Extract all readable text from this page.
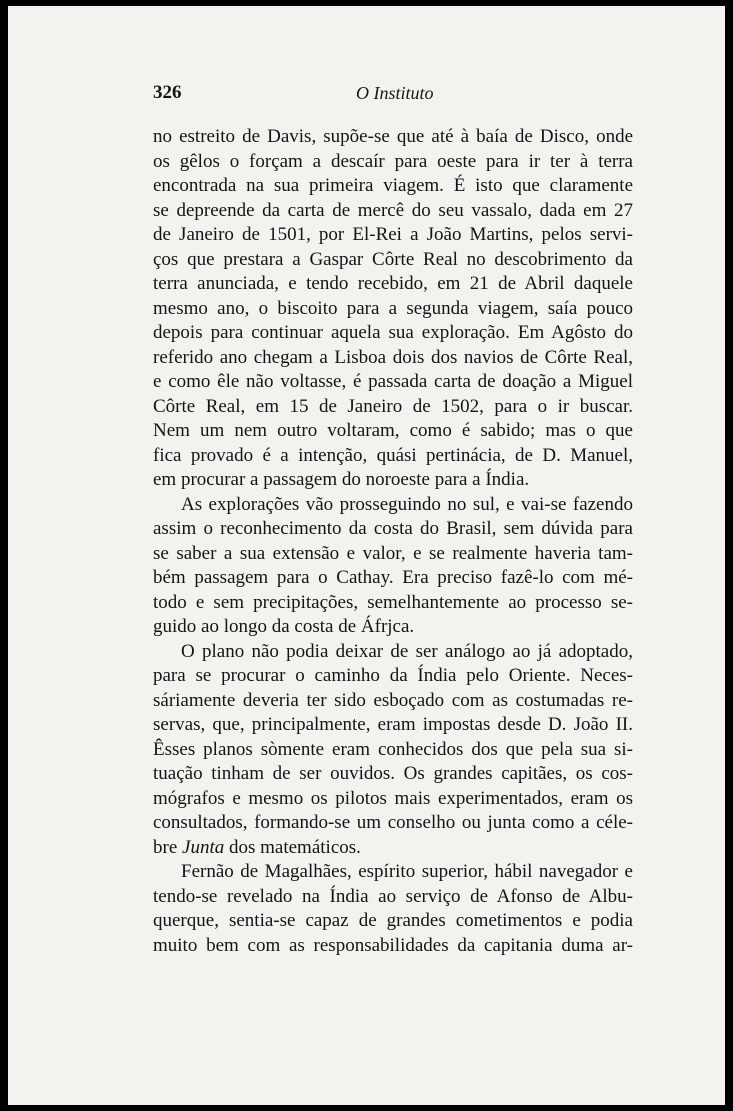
326	O Instituto
no estreito de Davis, supõe-se que até à baía de Disco, onde
os gêlos o forçam a descaír para oeste para ir ter à terra
encontrada na sua primeira viagem. É isto que claramente
se depreende da carta de mercê do seu vassalo, dada em 27
de Janeiro de 1501, por El-Rei a João Martins, pelos servi-
ços que prestara a Gaspar Côrte Real no descobrimento da
terra anunciada, e tendo recebido, em 21 de Abril daquele
mesmo ano, o biscoito para a segunda viagem, saía pouco
depois para continuar aquela sua exploração. Em Agôsto do
referido ano chegam a Lisboa dois dos navios de Côrte Real,
e como êle não voltasse, é passada carta de doação a Miguel
Côrte Real, em 15 de Janeiro de 1502, para o ir buscar.
Nem um nem outro voltaram, como é sabido; mas o que
fica provado é a intenção, quási pertinácia, de D. Manuel,
em procurar a passagem do noroeste para a Índia.
As explorações vão prosseguindo no sul, e vai-se fazendo
assim o reconhecimento da costa do Brasil, sem dúvida para
se saber a sua extensão e valor, e se realmente haveria tam-
bém passagem para o Cathay. Era preciso fazê-lo com mé-
todo e sem precipitações, semelhantemente ao processo se-
guido ao longo da costa de Áfrjca.
O plano não podia deixar de ser análogo ao já adoptado,
para se procurar o caminho da Índia pelo Oriente. Neces-
sáriamente deveria ter sido esboçado com as costumadas re-
servas, que, principalmente, eram impostas desde D. João II.
Êsses planos sòmente eram conhecidos dos que pela sua si-
tuação tinham de ser ouvidos. Os grandes capitães, os cos-
mógrafos e mesmo os pilotos mais experimentados, eram os
consultados, formando-se um conselho ou junta como a céle-
bre Junta dos matemáticos.
Fernão de Magalhães, espírito superior, hábil navegador e
tendo-se revelado na Índia ao serviço de Afonso de Albu-
querque, sentia-se capaz de grandes cometimentos e podia
muito bem com as responsabilidades da capitania duma ar-
